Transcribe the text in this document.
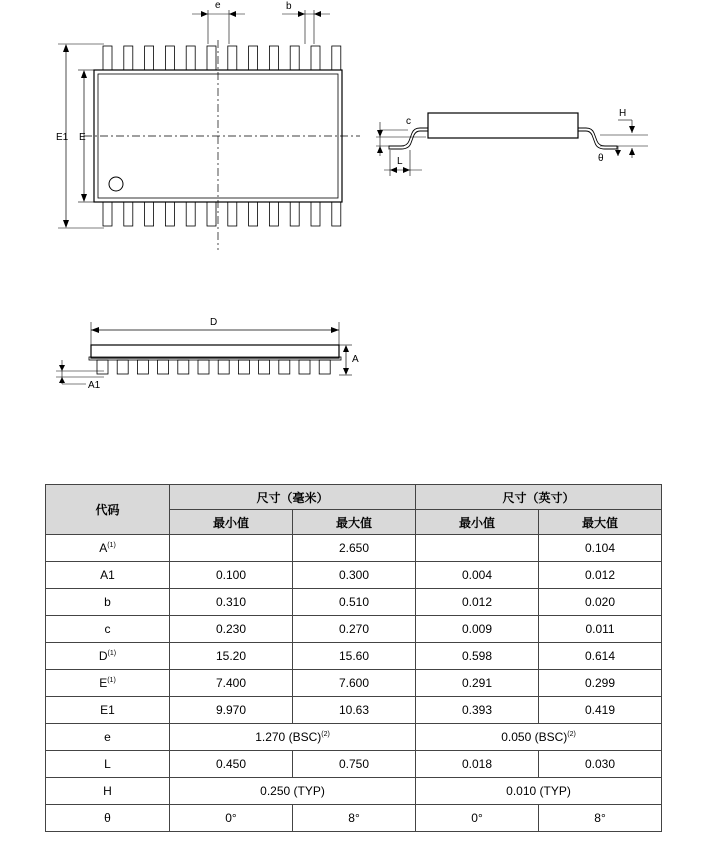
e	b
E1 E
c
L
H
θ
D
A
A1
代码	尺寸（毫米）		尺寸（英寸）	
	最小值	最大值	最小值	最大值
$A^{(1)}$		2.650		0.104
A1	0.100	0.300	0.004	0.012
b	0.310	0.510	0.012	0.020
c	0.230	0.270	0.009	0.011
$D^{(1)}$	15.20	15.60	0.598	0.614
$E^{(1)}$	7.400	7.600	0.291	0.299
E1	9.970	10.63	0.393	0.419
e	1.270 (BSC)$^{(2)}$		0.050 (BSC)$^{(2)}$
L	0.450	0.750	0.018	0.030
H	0.250 (TYP)		0.010 (TYP)	
θ	0°	8°	0°	8°
